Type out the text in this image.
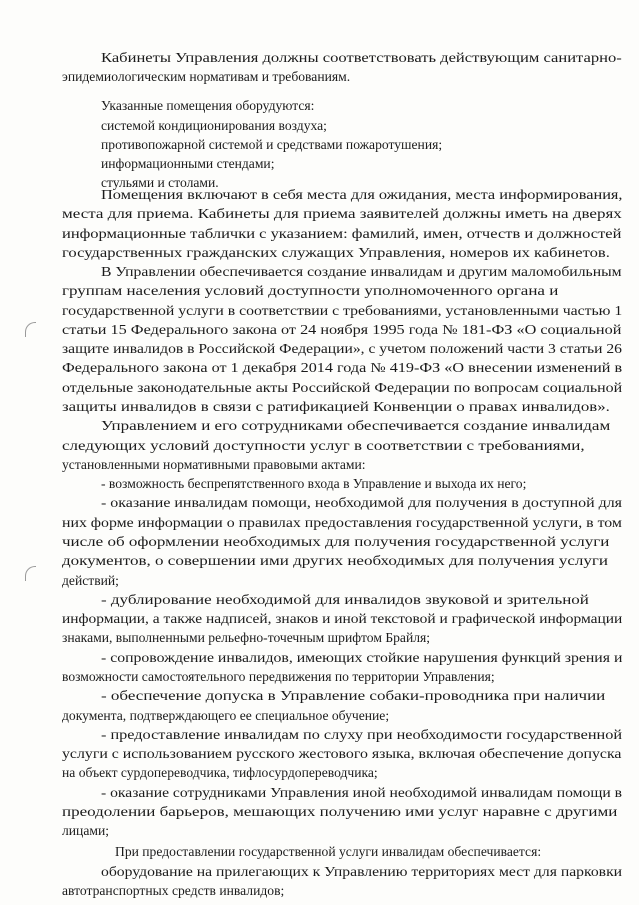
Кабинеты Управления должны соответствовать действующим санитарно-
эпидемиологическим нормативам и требованиям.
Указанные помещения оборудуются:
системой кондиционирования воздуха;
противопожарной системой и средствами пожаротушения;
информационными стендами;
стульями и столами.
Помещения включают в себя места для ожидания, места информирования,
места для приема. Кабинеты для приема заявителей должны иметь на дверях
информационные таблички с указанием: фамилий, имен, отчеств и должностей
государственных гражданских служащих Управления, номеров их кабинетов.
В Управлении обеспечивается создание инвалидам и другим маломобильным
группам населения условий доступности уполномоченного органа и
государственной услуги в соответствии с требованиями, установленными частью 1
статьи 15 Федерального закона от 24 ноября 1995 года № 181-ФЗ «О социальной
защите инвалидов в Российской Федерации», с учетом положений части 3 статьи 26
Федерального закона от 1 декабря 2014 года № 419-ФЗ «О внесении изменений в
отдельные законодательные акты Российской Федерации по вопросам социальной
защиты инвалидов в связи с ратификацией Конвенции о правах инвалидов».
Управлением и его сотрудниками обеспечивается создание инвалидам
следующих условий доступности услуг в соответствии с требованиями,
установленными нормативными правовыми актами:
- возможность беспрепятственного входа в Управление и выхода их него;
- оказание инвалидам помощи, необходимой для получения в доступной для
них форме информации о правилах предоставления государственной услуги, в том
числе об оформлении необходимых для получения государственной услуги
документов, о совершении ими других необходимых для получения услуги
действий;
- дублирование необходимой для инвалидов звуковой и зрительной
информации, а также надписей, знаков и иной текстовой и графической информации
знаками, выполненными рельефно-точечным шрифтом Брайля;
- сопровождение инвалидов, имеющих стойкие нарушения функций зрения и
возможности самостоятельного передвижения по территории Управления;
- обеспечение допуска в Управление собаки-проводника при наличии
документа, подтверждающего ее специальное обучение;
- предоставление инвалидам по слуху при необходимости государственной
услуги с использованием русского жестового языка, включая обеспечение допуска
на объект сурдопереводчика, тифлосурдопереводчика;
- оказание сотрудниками Управления иной необходимой инвалидам помощи в
преодолении барьеров, мешающих получению ими услуг наравне с другими
лицами;
При предоставлении государственной услуги инвалидам обеспечивается:
оборудование на прилегающих к Управлению территориях мест для парковки
автотранспортных средств инвалидов;
